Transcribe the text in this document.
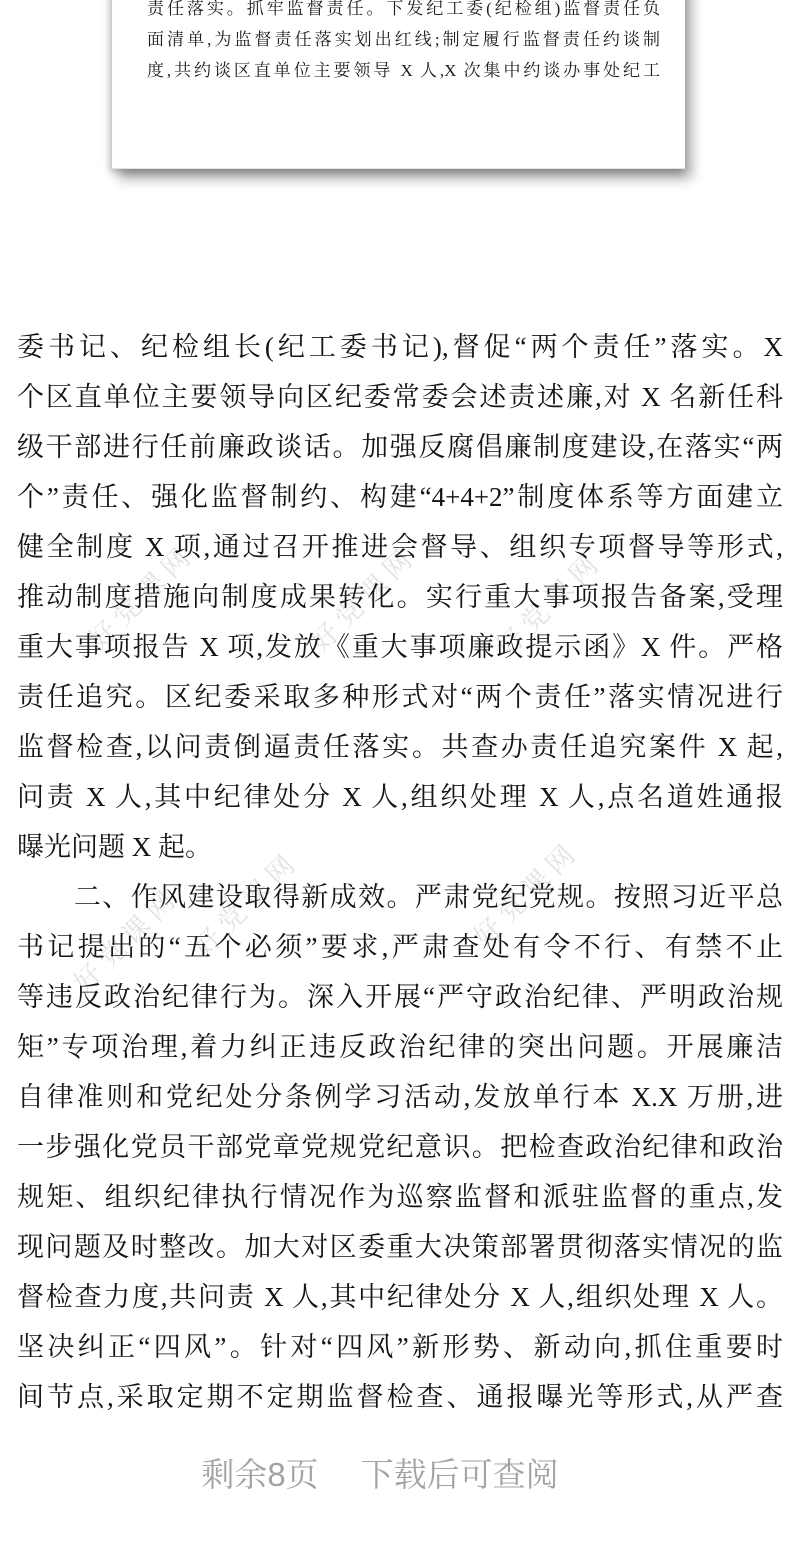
责任落实。抓牢监督责任。下发纪工委(纪检组)监督责任负
面清单,为监督责任落实划出红线;制定履行监督责任约谈制
度,共约谈区直单位主要领导 X 人,X 次集中约谈办事处纪工
好党课网	好党课网	好党课网
好党课网 好党课网	好党课网
委书记、纪检组长(纪工委书记),督促“两个责任”落实。X
个区直单位主要领导向区纪委常委会述责述廉,对 X 名新任科
级干部进行任前廉政谈话。加强反腐倡廉制度建设,在落实“两
个”责任、强化监督制约、构建“4+4+2”制度体系等方面建立
健全制度 X 项,通过召开推进会督导、组织专项督导等形式,
推动制度措施向制度成果转化。实行重大事项报告备案,受理
重大事项报告 X 项,发放《重大事项廉政提示函》X 件。严格
责任追究。区纪委采取多种形式对“两个责任”落实情况进行
监督检查,以问责倒逼责任落实。共查办责任追究案件 X 起,
问责 X 人,其中纪律处分 X 人,组织处理 X 人,点名道姓通报
曝光问题 X 起。
　　二、作风建设取得新成效。严肃党纪党规。按照习近平总
书记提出的“五个必须”要求,严肃查处有令不行、有禁不止
等违反政治纪律行为。深入开展“严守政治纪律、严明政治规
矩”专项治理,着力纠正违反政治纪律的突出问题。开展廉洁
自律准则和党纪处分条例学习活动,发放单行本 X.X 万册,进
一步强化党员干部党章党规党纪意识。把检查政治纪律和政治
规矩、组织纪律执行情况作为巡察监督和派驻监督的重点,发
现问题及时整改。加大对区委重大决策部署贯彻落实情况的监
督检查力度,共问责 X 人,其中纪律处分 X 人,组织处理 X 人。
坚决纠正“四风”。针对“四风”新形势、新动向,抓住重要时
间节点,采取定期不定期监督检查、通报曝光等形式,从严查
剩余8页 下载后可查阅
